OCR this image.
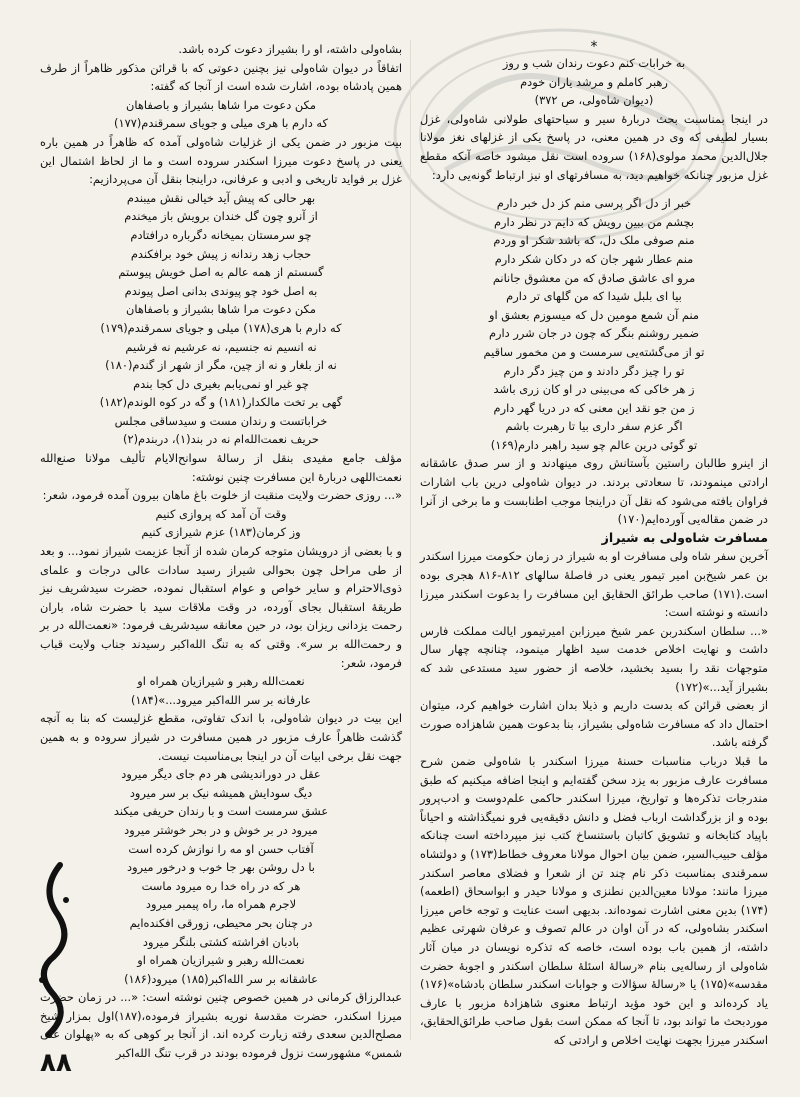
*

به خرابات کنم دعوت رندان شب و روز

رهبر کاملم و مرشد یاران خودم

(دیوان شاه‌ولی، ص ۳۷۲)

در اینجا بمناسبت بحث دربارهٔ سیر و سیاحتهای طولانی شاه‌ولی، غزل بسیار لطیفی که وی در همین معنی، در پاسخ یکی از غزلهای نغز مولانا جلال‌الدین محمد مولوی(۱۶۸) سروده است نقل میشود خاصه آنکه مقطع غزل مزبور چنانکه خواهیم دید، به مسافرتهای او نیز ارتباط گونه‌یی دارد:

خبر از دل اگر پرسی منم کز دل خبر دارم

بچشم من ببین رویش که دایم در نظر دارم

منم صوفی ملک دل، که باشد شکر او وردم

منم عطار شهر جان که در دکان شکر دارم

مرو ای عاشق صادق که من معشوق جانانم

بیا ای بلبل شیدا که من گلهای تر دارم

منم آن شمع مومین دل که میسوزم بعشق او

ضمیر روشنم بنگر که چون در جان شرر دارم

تو از می‌گشته‌یی سرمست و من مخمور ساقیم

تو را چیز دگر دادند و من چیز دگر دارم

ز هر خاکی که می‌بینی در او کان زری باشد

ز من جو نقد این معنی که در دریا گهر دارم

اگر عزم سفر داری بیا تا رهبرت باشم

تو گوئی درین عالم چو سید راهبر دارم(۱۶۹)

از اینرو طالبان راستین بآستانش روی مینهادند و از سر صدق عاشقانه ارادتی مینمودند، تا سعادتی بردند. در دیوان شاه‌ولی درین باب اشارات فراوان یافته می‌شود که نقل آن دراینجا موجب اطنابست و ما برخی از آنرا در ضمن مقاله‌یی آورده‌ایم(۱۷۰)

مسافرت شاه‌ولی به شیراز

آخرین سفر شاه ولی مسافرت او به شیراز در زمان حکومت میرزا اسکندر بن عمر شیخ‌بن امیر تیمور یعنی در فاصلهٔ سالهای ۸۱۲-۸۱۶ هجری بوده است.(۱۷۱) صاحب طرائق الحقایق این مسافرت را بدعوت اسکندر میرزا دانسته و نوشته است:

«... سلطان اسکندربن عمر شیخ میرزابن امیرتیمور ایالت مملکت فارس داشت و نهایت اخلاص خدمت سید اظهار مینمود، چنانچه چهار سال متوجهات نقد را بسید بخشید، خلاصه از حضور سید مستدعی شد که بشیراز آید...»(۱۷۲)

از بعضی قرائن که بدست داریم و ذیلا بدان اشارت خواهیم کرد، میتوان احتمال داد که مسافرت شاه‌ولی بشیراز، بنا بدعوت همین شاهزاده صورت گرفته باشد.

ما قبلا درباب مناسبات حسنهٔ میرزا اسکندر با شاه‌ولی ضمن شرح مسافرت عارف مزبور به یزد سخن گفته‌ایم و اینجا اضافه میکنیم که طبق مندرجات تذکره‌ها و تواریخ، میرزا اسکندر حاکمی علم‌دوست و ادب‌پرور بوده و از بزرگداشت ارباب فضل و دانش دقیقه‌یی فرو نمیگذاشته و احیاناً باپیاد کتابخانه و تشویق کاتبان باستنساخ کتب نیز میپرداخته است چنانکه مؤلف حبیب‌السیر، ضمن بیان احوال مولانا معروف خطاط(۱۷۳) و دولتشاه سمرقندی بمناسبت ذکر نام چند تن از شعرا و فضلای معاصر اسکندر میرزا مانند: مولانا معین‌الدین نطنزی و مولانا حیدر و ابواسحاق (اطعمه)(۱۷۴) بدین معنی اشارت نموده‌اند. بدیهی است عنایت و توجه خاص میرزا اسکندر بشاه‌ولی، که در آن اوان در عالم تصوف و عرفان شهرتی عظیم داشته، از همین باب بوده است، خاصه که تذکره نویسان در میان آثار شاه‌ولی از رساله‌یی بنام «رسالهٔ اسئلهٔ سلطان اسکندر و اجوبهٔ حضرت مقدسه»(۱۷۵) یا «رسالهٔ سؤالات و جوابات اسکندر سلطان بادشاه»(۱۷۶) یاد کرده‌اند و این خود مؤید ارتباط معنوی شاهزادهٔ مزبور با عارف موردبحث ما تواند بود، تا آنجا که ممکن است بقول صاحب طرائق‌الحقایق، اسکندر میرزا بجهت نهایت اخلاص و ارادتی که

بشاه‌ولی داشته، او را بشیراز دعوت کرده باشد.

اتفاقاً در دیوان شاه‌ولی نیز بچنین دعوتی که با قرائن مذکور ظاهراً از طرف همین پادشاه بوده، اشارت شده است از آنجا که گفته:

مکن دعوت مرا شاها بشیراز و باصفاهان

که دارم با هری میلی و جویای سمرقندم(۱۷۷)

بیت مزبور در ضمن یکی از غزلیات شاه‌ولی آمده که ظاهراً در همین باره یعنی در پاسخ دعوت میرزا اسکندر سروده است و ما از لحاظ اشتمال این غزل بر فواید تاریخی و ادبی و عرفانی، دراینجا بنقل آن می‌پردازیم:

بهر حالی که پیش آید خیالی نقش میبندم

از آنرو چون گل خندان برویش باز میخندم

چو سرمستان بمیخانه دگرباره درافتادم

حجاب زهد رندانه ز پیش خود برافکندم

گسستم از همه عالم به اصل خویش پیوستم

به اصل خود چو پیوندی بدانی اصل پیوندم

مکن دعوت مرا شاها بشیراز و باصفاهان

که دارم با هری(۱۷۸) میلی و جویای سمرقندم(۱۷۹)

نه انسیم نه جنسیم، نه عرشیم نه فرشیم

نه از بلغار و نه از چین، مگر از شهر از گندم(۱۸۰)

چو غیر او نمی‌یابم بغیری دل کجا بندم

گهی بر تخت مالکدار(۱۸۱) و گه در کوه الوندم(۱۸۲)

خراباتست و رندان مست و سیدساقی مجلس

حریف نعمت‌الله‌ام نه در بند(۱)، دربندم(۲)

مؤلف جامع مفیدی بنقل از رسالهٔ سوانح‌الایام تألیف مولانا صنع‌الله نعمت‌اللهی دربارهٔ این مسافرت چنین نوشته:

«... روزی حضرت ولایت منقبت از خلوت باغ ماهان بیرون آمده فرمود، شعر:

وقت آن آمد که پروازی کنیم

وز کرمان(۱۸۳) عزم شیرازی کنیم

و با بعضی از درویشان متوجه کرمان شده از آنجا عزیمت شیراز نمود... و بعد از طی مراحل چون بحوالی شیراز رسید سادات عالی درجات و علمای ذوی‌الاحترام و سایر خواص و عوام استقبال نموده، حضرت سیدشریف نیز طریقهٔ استقبال بجای آورده، در وقت ملاقات سید با حضرت شاه، باران رحمت یزدانی ریزان بود، در حین معانقه سیدشریف فرمود: «نعمت‌الله در بر و رحمت‌الله بر سر». وقتی که به تنگ الله‌اکبر رسیدند جناب ولایت قباب فرمود، شعر:

نعمت‌الله رهبر و شیرازیان همراه او

عارفانه بر سر الله‌اکبر میرود...»(۱۸۴)

این بیت در دیوان شاه‌ولی، با اندک تفاوتی، مقطع غزلیست که بنا به آنچه گذشت ظاهراً عارف مزبور در همین مسافرت در شیراز سروده و به همین جهت نقل برخی ابیات آن در اینجا بی‌مناسبت نیست.

عقل در دوراندیشی هر دم جای دیگر میرود

دیگ سودایش همیشه نیک بر سر میرود

عشق سرمست است و با رندان حریفی میکند

میرود در بر خوش و در بحر خوشتر میرود

آفتاب حسن او مه را نوازش کرده است

با دل روشن بهر جا خوب و درخور میرود

هر که در راه خدا ره میرود ماست

لاجرم همراه ما، راه پیمبر میرود

در چنان بحر محیطی، زورقی افکنده‌ایم

بادبان افراشته کشتی بلنگر میرود

نعمت‌الله رهبر و شیرازیان همراه او

عاشقانه بر سر الله‌اکبر(۱۸۵) میرود(۱۸۶)

عبدالرزاق کرمانی در همین خصوص چنین نوشته است: «... در زمان حضرت میرزا اسکندر، حضرت مقدسهٔ نوریه بشیراز فرموده،(۱۸۷)اول بمزار شیخ مصلح‌الدین سعدی رفته زیارت کرده اند. از آنجا بر کوهی که به «پهلوان علی شمس» مشهورست نزول فرموده بودند در قرب تنگ الله‌اکبر

۸۸
